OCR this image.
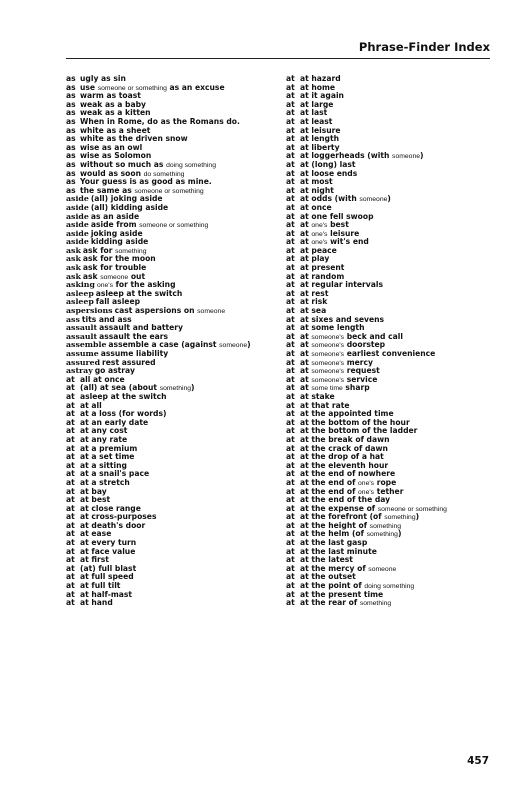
Phrase-Finder Index
as ugly as sin
as use someone or something as an excuse
as warm as toast
as weak as a baby
as weak as a kitten
as When in Rome, do as the Romans do.
as white as a sheet
as white as the driven snow
as wise as an owl
as wise as Solomon
as without so much as doing something
as would as soon do something
as Your guess is as good as mine.
as the same as someone or something
aside (all) joking aside
aside (all) kidding aside
aside as an aside
aside aside from someone or something
aside joking aside
aside kidding aside
ask ask for something
ask ask for the moon
ask ask for trouble
ask ask someone out
asking one's for the asking
asleep asleep at the switch
asleep fall asleep
aspersions cast aspersions on someone
ass tits and ass
assault assault and battery
assault assault the ears
assemble assemble a case (against someone)
assume assume liability
assured rest assured
astray go astray
at all at once
at (all) at sea (about something)
at asleep at the switch
at at all
at at a loss (for words)
at at an early date
at at any cost
at at any rate
at at a premium
at at a set time
at at a sitting
at at a snail's pace
at at a stretch
at at bay
at at best
at at close range
at at cross-purposes
at at death's door
at at ease
at at every turn
at at face value
at at first
at (at) full blast
at at full speed
at at full tilt
at at half-mast
at at hand
at at hazard
at at home
at at it again
at at large
at at last
at at least
at at leisure
at at length
at at liberty
at at loggerheads (with someone)
at at (long) last
at at loose ends
at at most
at at night
at at odds (with someone)
at at once
at at one fell swoop
at at one's best
at at one's leisure
at at one's wit's end
at at peace
at at play
at at present
at at random
at at regular intervals
at at rest
at at risk
at at sea
at at sixes and sevens
at at some length
at at someone's beck and call
at at someone's doorstep
at at someone's earliest convenience
at at someone's mercy
at at someone's request
at at someone's service
at at some time sharp
at at stake
at at that rate
at at the appointed time
at at the bottom of the hour
at at the bottom of the ladder
at at the break of dawn
at at the crack of dawn
at at the drop of a hat
at at the eleventh hour
at at the end of nowhere
at at the end of one's rope
at at the end of one's tether
at at the end of the day
at at the expense of someone or something
at at the forefront (of something)
at at the height of something
at at the helm (of something)
at at the last gasp
at at the last minute
at at the latest
at at the mercy of someone
at at the outset
at at the point of doing something
at at the present time
at at the rear of something
457
